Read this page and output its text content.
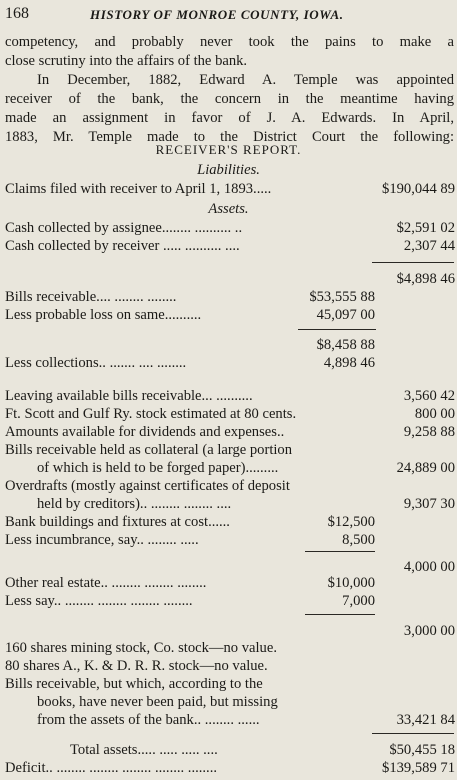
168	HISTORY OF MONROE COUNTY, IOWA.
competency, and probably never took the pains to make a
close scrutiny into the affairs of the bank.
In December, 1882, Edward A. Temple was appointed
receiver of the bank, the concern in the meantime having
made an assignment in favor of J. A. Edwards. In April,
1883, Mr. Temple made to the District Court the following:
RECEIVER'S REPORT.
Liabilities.
Claims filed with receiver to April 1, 1893.....	$190,044 89
Assets.
Cash collected by assignee........ .......... ..	$2,591 02
Cash collected by receiver ..... .......... ....	2,307 44
$4,898 46
Bills receivable.... ........ ........	$53,555 88
Less probable loss on same..........	45,097 00
$8,458 88
Less collections.. ....... .... ........	4,898 46
Leaving available bills receivable... ..........	3,560 42
Ft. Scott and Gulf Ry. stock estimated at 80 cents.	800 00
Amounts available for dividends and expenses..	9,258 88
Bills receivable held as collateral (a large portion
of which is held to be forged paper).........	24,889 00
Overdrafts (mostly against certificates of deposit
held by creditors).. ........ ........ ....	9,307 30
Bank buildings and fixtures at cost......	$12,500
Less incumbrance, say.. ........ .....	8,500
4,000 00
Other real estate.. ........ ........ ........	$10,000
Less say.. ........ ........ ........ ........	7,000
3,000 00
160 shares mining stock, Co. stock—no value.
80 shares A., K. & D. R. R. stock—no value.
Bills receivable, but which, according to the
books, have never been paid, but missing
from the assets of the bank.. ........ ......	33,421 84
Total assets..... ..... ..... ....	$50,455 18
Deficit.. ........ ........ ........ ........ ........	$139,589 71
